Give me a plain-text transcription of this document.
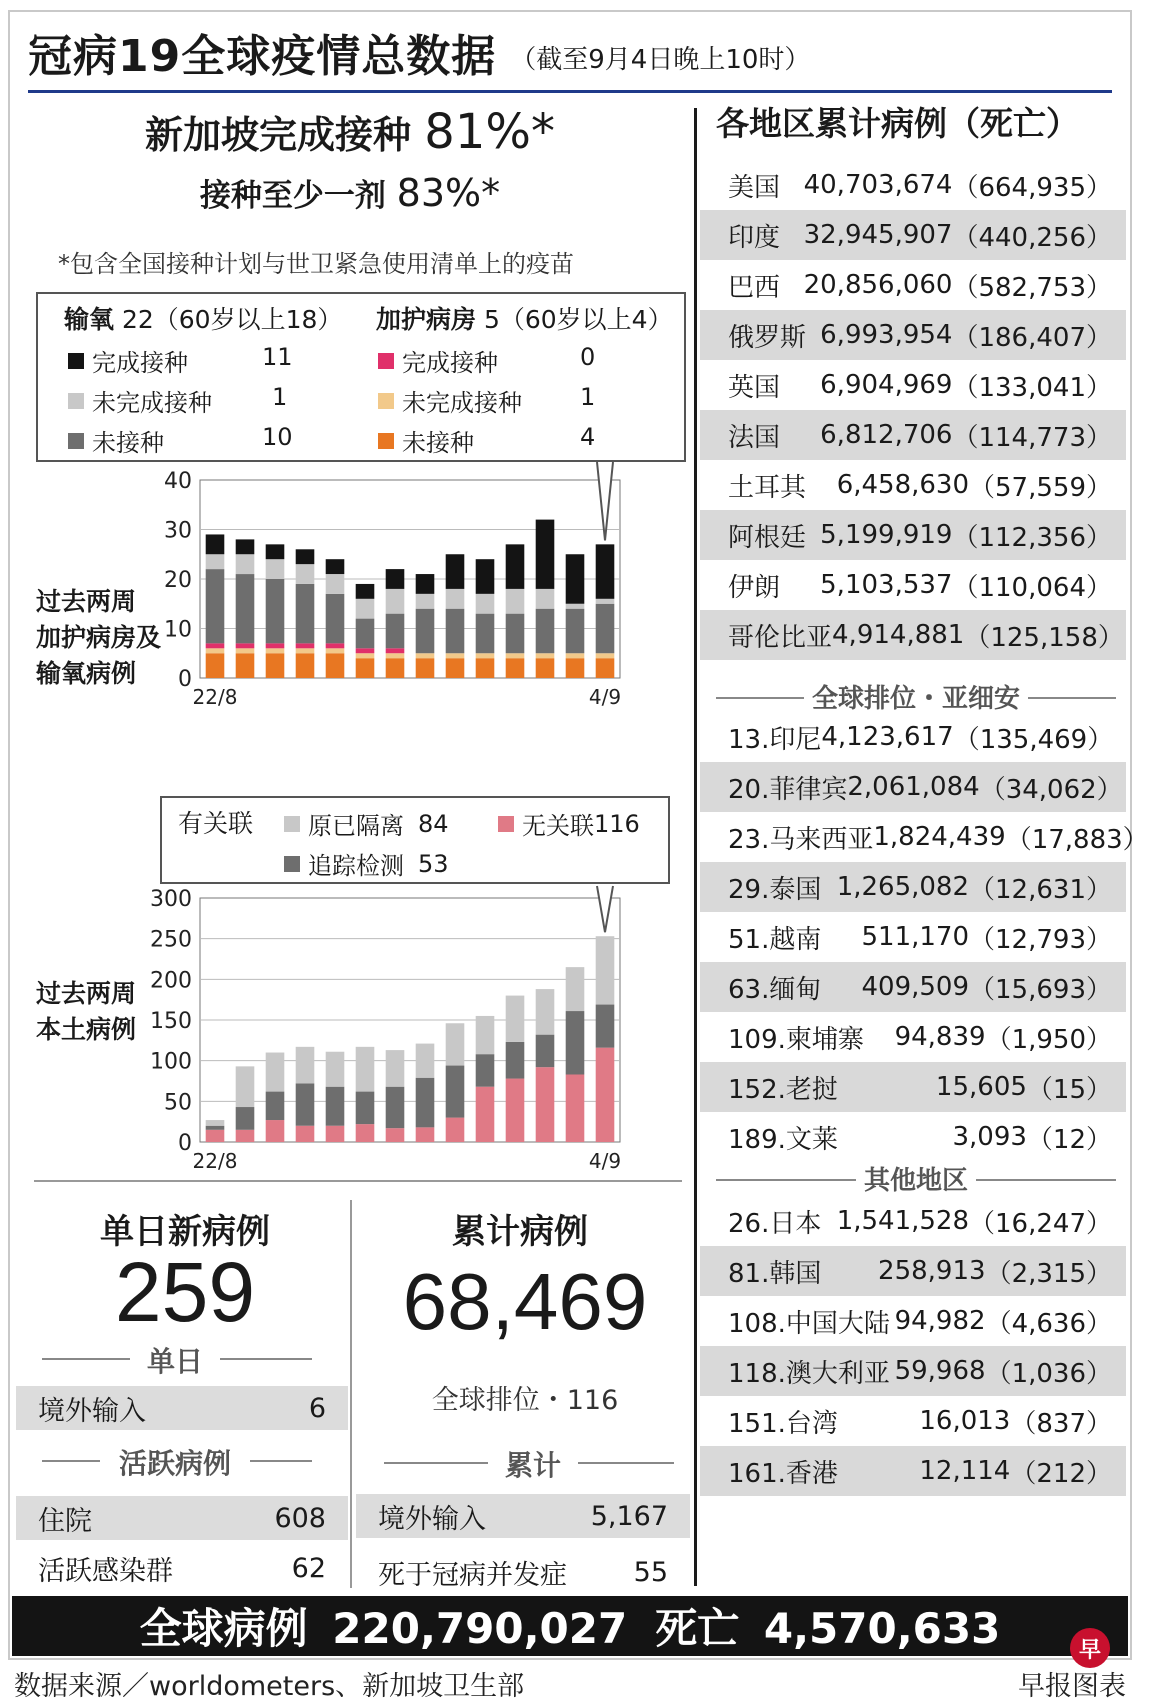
冠病19全球疫情总数据 （截至9月4日晚上10时）
新加坡完成接种 81%*
接种至少一剂 83%*
*包含全国接种计划与世卫紧急使用清单上的疫苗
输氧 22（60岁以上18） 加护病房 5（60岁以上4）
完成接种	11
未完成接种	1
未接种	10
完成接种	0
未完成接种 1
未接种	4
过去两周
加护病房及
输氧病例	0
10
20
30
40
22/8	4/9
有关联 原已隔离 84	无关联 116
追踪检测 53
过去两周
本土病例
0
50
100
150
200
250
300
22/8	4/9
单日新病例
259
单日
境外输入	6
活跃病例
住院	608
活跃感染群	62
累计病例
68,469
全球排位・116
累计
境外输入	5,167
死于冠病并发症 55
各地区累计病例（死亡）
美国 40,703,674 （664,935）
印度 32,945,907 （440,256）
巴西 20,856,060 （582,753）
俄罗斯 6,993,954 （186,407）
英国 6,904,969 （133,041）
法国 6,812,706 （114,773）
土耳其 6,458,630 （57,559）
阿根廷 5,199,919 （112,356）
伊朗 5,103,537 （110,064）
哥伦比亚 4,914,881 （125,158）
全球排位・亚细安
13.印尼 4,123,617 （135,469）
20.菲律宾 2,061,084 （34,062）
23.马来西亚 1,824,439 （17,883）
29.泰国 1,265,082 （12,631）
51.越南 511,170 （12,793）
63.缅甸 409,509 （15,693）
109.柬埔寨 94,839 （1,950）
152.老挝	15,605 （15）
189.文莱	3,093 （12）
其他地区
26.日本 1,541,528 （16,247）
81.韩国 258,913 （2,315）
108.中国大陆 94,982 （4,636）
118.澳大利亚 59,968 （1,036）
151.台湾	16,013 （837）
161.香港	12,114 （212）
全球病例 220,790,027 死亡 4,570,633	早
数据来源／worldometers、新加坡卫生部	早报图表
